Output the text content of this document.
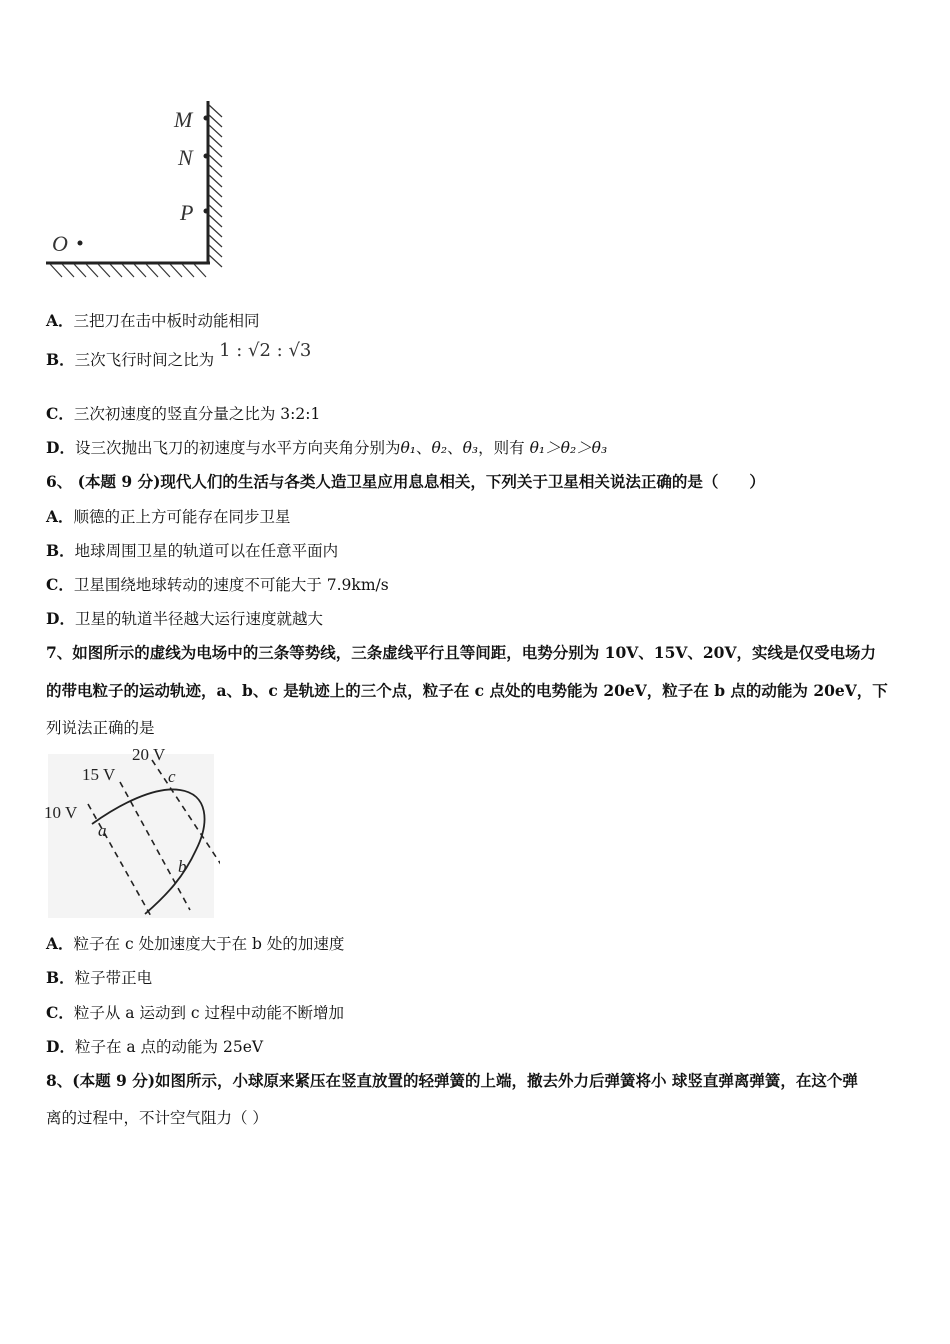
M
N
P
O
A．三把刀在击中板时动能相同
B．三次飞行时间之比为 1 : √2 : √3
C．三次初速度的竖直分量之比为 3:2:1
D．设三次抛出飞刀的初速度与水平方向夹角分别为θ₁、θ₂、θ₃，则有 θ₁＞θ₂＞θ₃
6、 (本题 9 分)现代人们的生活与各类人造卫星应用息息相关，下列关于卫星相关说法正确的是（　　）
A．顺德的正上方可能存在同步卫星
B．地球周围卫星的轨道可以在任意平面内
C．卫星围绕地球转动的速度不可能大于 7.9km/s
D．卫星的轨道半径越大运行速度就越大
7、如图所示的虚线为电场中的三条等势线，三条虚线平行且等间距，电势分别为 10V、15V、20V，实线是仅受电场力
的带电粒子的运动轨迹，a、b、c 是轨迹上的三个点，粒子在 c 点处的电势能为 20eV，粒子在 b 点的动能为 20eV，下
列说法正确的是
20 V
15 V
10 V
c
a
b
A．粒子在 c 处加速度大于在 b 处的加速度
B．粒子带正电
C．粒子从 a 运动到 c 过程中动能不断增加
D．粒子在 a 点的动能为 25eV
8、(本题 9 分)如图所示，小球原来紧压在竖直放置的轻弹簧的上端，撤去外力后弹簧将小 球竖直弹离弹簧，在这个弹
离的过程中，不计空气阻力（ ）
